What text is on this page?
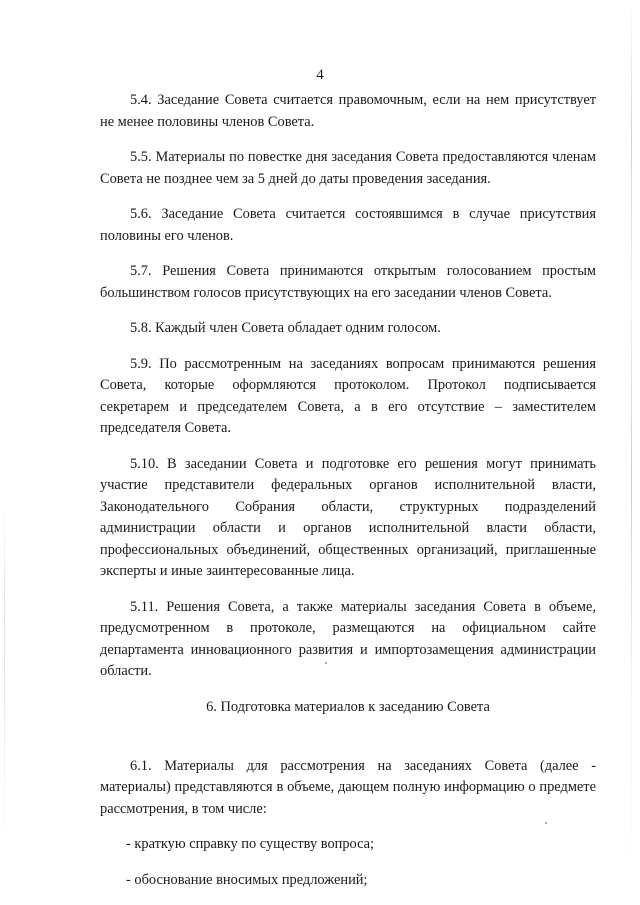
4

5.4. Заседание Совета считается правомочным, если на нем присутствует не менее половины членов Совета.

5.5. Материалы по повестке дня заседания Совета предоставляются членам Совета не позднее чем за 5 дней до даты проведения заседания.

5.6. Заседание Совета считается состоявшимся в случае присутствия половины его членов.

5.7. Решения Совета принимаются открытым голосованием простым большинством голосов присутствующих на его заседании членов Совета.

5.8. Каждый член Совета обладает одним голосом.

5.9. По рассмотренным на заседаниях вопросам принимаются решения Совета, которые оформляются протоколом. Протокол подписывается секретарем и председателем Совета, а в его отсутствие – заместителем председателя Совета.

5.10. В заседании Совета и подготовке его решения могут принимать участие представители федеральных органов исполнительной власти, Законодательного Собрания области, структурных подразделений администрации области и органов исполнительной власти области, профессиональных объединений, общественных организаций, приглашенные эксперты и иные заинтересованные лица.

5.11. Решения Совета, а также материалы заседания Совета в объеме, предусмотренном в протоколе, размещаются на официальном сайте департамента инновационного развития и импортозамещения администрации области.

6. Подготовка материалов к заседанию Совета

6.1. Материалы для рассмотрения на заседаниях Совета (далее - материалы) представляются в объеме, дающем полную информацию о предмете рассмотрения, в том числе:

- краткую справку по существу вопроса;

- обоснование вносимых предложений;
